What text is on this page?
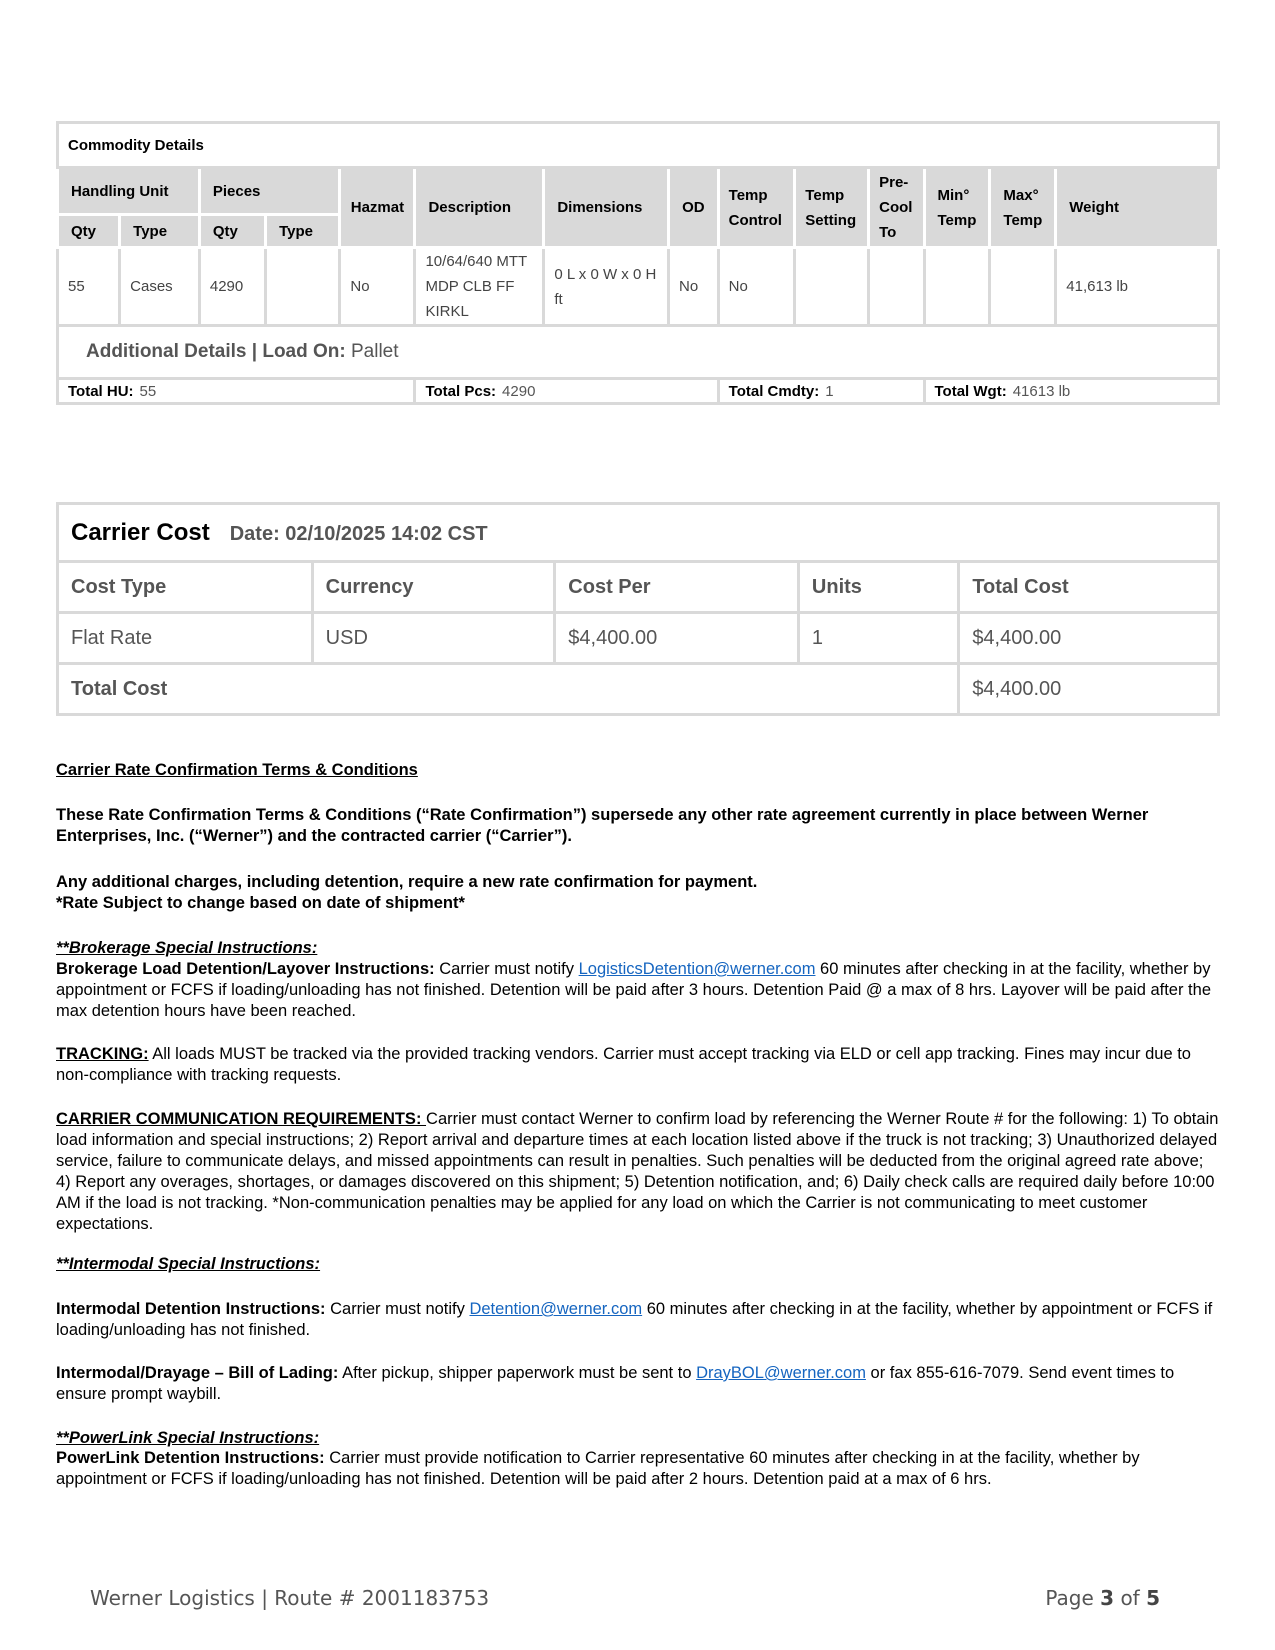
Commodity Details													
Handling Unit		Pieces		Hazmat	Description	Dimensions	OD	Temp Control	Temp Setting	Pre- Cool To	Min° Temp	Max° Temp	Weight
Qty	Type	Qty	Type										
55	Cases	4290		No	10/64/640 MTT MDP CLB FF KIRKL	0 L x 0 W x 0 H ft	No	No					41,613 lb
Additional Details | Load On: Pallet													
Total HU: 55					Total Pcs: 4290			Total Cmdty: 1			Total Wgt: 41613 lb		
Carrier Cost Date: 02/10/2025 14:02 CST				
Cost Type	Currency	Cost Per	Units	Total Cost
Flat Rate	USD	$4,400.00	1	$4,400.00
Total Cost				$4,400.00

Carrier Rate Confirmation Terms & Conditions

These Rate Confirmation Terms & Conditions (“Rate Confirmation”) supersede any other rate agreement currently in place between Werner Enterprises, Inc. (“Werner”) and the contracted carrier (“Carrier”).

Any additional charges, including detention, require a new rate confirmation for payment.

*Rate Subject to change based on date of shipment*

**Brokerage Special Instructions:

Brokerage Load Detention/Layover Instructions: Carrier must notify LogisticsDetention@werner.com 60 minutes after checking in at the facility, whether by appointment or FCFS if loading/unloading has not finished. Detention will be paid after 3 hours. Detention Paid @ a max of 8 hrs. Layover will be paid after the max detention hours have been reached.

TRACKING: All loads MUST be tracked via the provided tracking vendors. Carrier must accept tracking via ELD or cell app tracking. Fines may incur due to non-compliance with tracking requests.

CARRIER COMMUNICATION REQUIREMENTS: Carrier must contact Werner to confirm load by referencing the Werner Route # for the following: 1) To obtain load information and special instructions; 2) Report arrival and departure times at each location listed above if the truck is not tracking; 3) Unauthorized delayed service, failure to communicate delays, and missed appointments can result in penalties. Such penalties will be deducted from the original agreed rate above; 4) Report any overages, shortages, or damages discovered on this shipment; 5) Detention notification, and; 6) Daily check calls are required daily before 10:00 AM if the load is not tracking. *Non-communication penalties may be applied for any load on which the Carrier is not communicating to meet customer expectations.

**Intermodal Special Instructions:

Intermodal Detention Instructions: Carrier must notify Detention@werner.com 60 minutes after checking in at the facility, whether by appointment or FCFS if loading/unloading has not finished.

Intermodal/Drayage – Bill of Lading: After pickup, shipper paperwork must be sent to DrayBOL@werner.com or fax 855-616-7079. Send event times to ensure prompt waybill.

**PowerLink Special Instructions:

PowerLink Detention Instructions: Carrier must provide notification to Carrier representative 60 minutes after checking in at the facility, whether by appointment or FCFS if loading/unloading has not finished. Detention will be paid after 2 hours. Detention paid at a max of 6 hrs.

Werner Logistics | Route # 2001183753	Page 3 of 5
